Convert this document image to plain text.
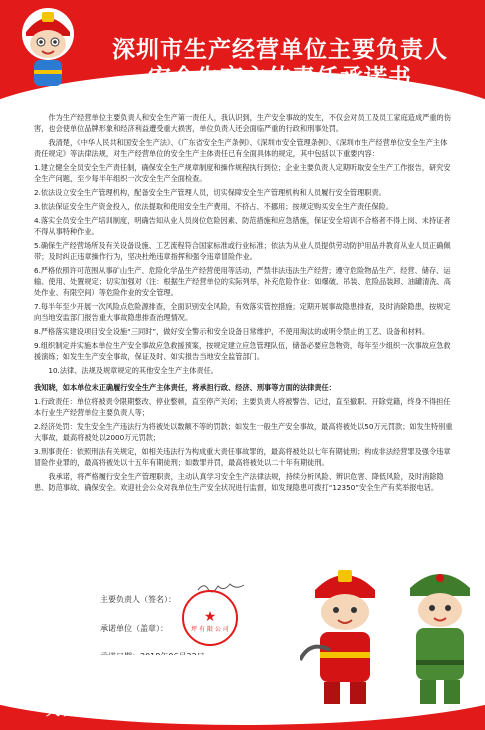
深圳市生产经营单位主要负责人
安全生产主体责任承诺书

作为生产经营单位主要负责人和安全生产第一责任人，我认识到，生产安全事故的发生，不仅会对员工及员工家庭造成严重的伤害，也会使单位品牌形象和经济利益遭受重大损害，单位负责人还会面临严重的行政和刑事处罚。

我清楚，《中华人民共和国安全生产法》、《广东省安全生产条例》、《深圳市安全管理条例》、《深圳市生产经营单位安全生产主体责任规定》等法律法规，对生产经营单位的安全生产主体责任已有全面具体的规定，其中包括以下重要内容：

1.建立健全全员安全生产责任制，确保安全生产规章制度和操作规程执行到位；企业主要负责人定期听取安全生产工作报告，研究安全生产问题，至少每半年组织一次安全生产全面检查。

2.依法设立安全生产管理机构，配备安全生产管理人员，切实保障安全生产管理机构和人员履行安全管理职责。

3.依法保证安全生产资金投入，依法提取和使用安全生产费用，不挤占、不挪用；按规定购买安全生产责任保险。

4.落实全员安全生产培训制度，明确告知从业人员岗位危险因素、防范措施和应急措施，保证安全培训不合格者不得上岗、未持证者不得从事特种作业。

5.确保生产经营场所及有关设备设施、工艺流程符合国家标准或行业标准；依法为从业人员提供劳动防护用品并教育从业人员正确佩带；及时纠正违章操作行为，坚决杜绝违章指挥和强令违章冒险作业。

6.严格依照许可范围从事矿山生产、危险化学品生产经营使用等活动，严禁非法违法生产经营；遵守危险物品生产、经营、储存、运输、使用、处置规定；切实加强对（注：根据生产经营单位的实际列举，补充危险作业：如爆破、吊装、危险品装卸、油罐清洗、高处作业、有限空间）等危险作业的安全管理。

7.每半年至少开展一次风险点危险源排查，全面识别安全风险，有效落实管控措施；定期开展事故隐患排查，及时消除隐患，按规定向当地安监部门报告重大事故隐患排查治理情况。

8.严格落实建设项目安全设施“三同时”，做好安全警示和安全设备日常维护，不使用淘汰的或明令禁止的工艺、设备和材料。

9.组织制定并实施本单位生产安全事故应急救援预案，按规定建立应急管理队伍，储备必要应急物资，每年至少组织一次事故应急救援演练；如发生生产安全事故，保证及时、如实报告当地安全监管部门。

10.法律、法规及规章规定的其他安全生产主体责任。

我知晓，如本单位未正确履行安全生产主体责任，将承担行政、经济、刑事等方面的法律责任：

1.行政责任：单位将被责令限期整改、停业整顿，直至停产关闭；主要负责人将被警告、记过，直至撤职、开除党籍，终身不得担任本行业生产经营单位主要负责人等；

2.经济处罚：发生安全生产违法行为将被处以数额不等的罚款；如发生一般生产安全事故，最高将被处以50万元罚款；如发生特别重大事故，最高将被处以2000万元罚款；

3.刑事责任：依照刑法有关规定，如相关违法行为构成重大责任事故罪的，最高将被处以七年有期徒刑；构成非法经营罪及强令违章冒险作业罪的，最高将被处以十五年有期徒刑；如数罪并罚，最高将被处以二十年有期徒刑。

我承诺，将严格履行安全生产管理职责，主动认真学习安全生产法律法规，持续分析风险、辨识危害、降低风险，及时消除隐患、防范事故、确保安全。欢迎社会公众对我单位生产安全状况进行监督，如发现隐患可拨打“12350”安全生产有奖举报电话。

主要负责人（签名）：
承诺单位（盖章）：
★
坪 有 限 公 司
火警电话：119
